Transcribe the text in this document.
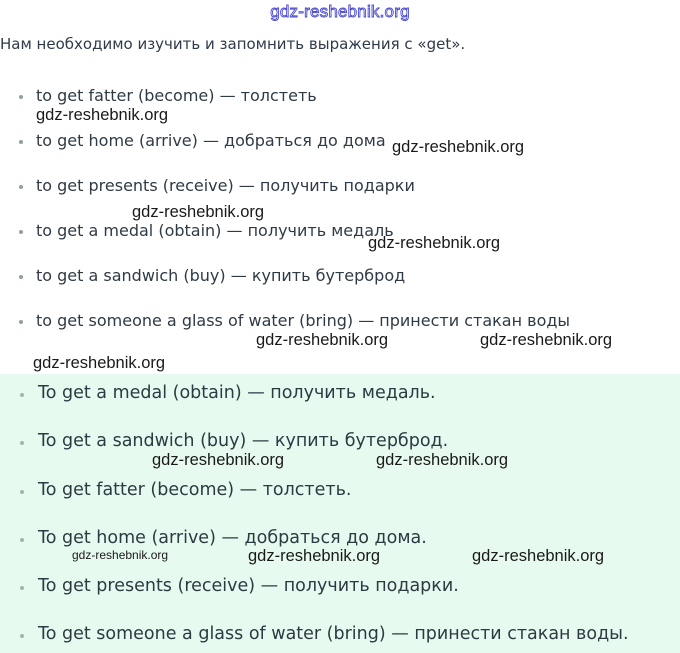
gdz-reshebnik.org
Нам необходимо изучить и запомнить выражения с «get».
to get fatter (become) — толстеть
to get home (arrive) — добраться до дома
to get presents (receive) — получить подарки
to get a medal (obtain) — получить медаль
to get a sandwich (buy) — купить бутерброд
to get someone a glass of water (bring) — принести стакан воды
To get a medal (obtain) — получить медаль.
To get a sandwich (buy) — купить бутерброд.
To get fatter (become) — толстеть.
To get home (arrive) — добраться до дома.
To get presents (receive) — получить подарки.
To get someone a glass of water (bring) — принести стакан воды.
gdz-reshebnik.org
gdz-reshebnik.org
gdz-reshebnik.org
gdz-reshebnik.org
gdz-reshebnik.org	gdz-reshebnik.org
gdz-reshebnik.org
gdz-reshebnik.org	gdz-reshebnik.org
gdz-reshebnik.org	gdz-reshebnik.org	gdz-reshebnik.org
